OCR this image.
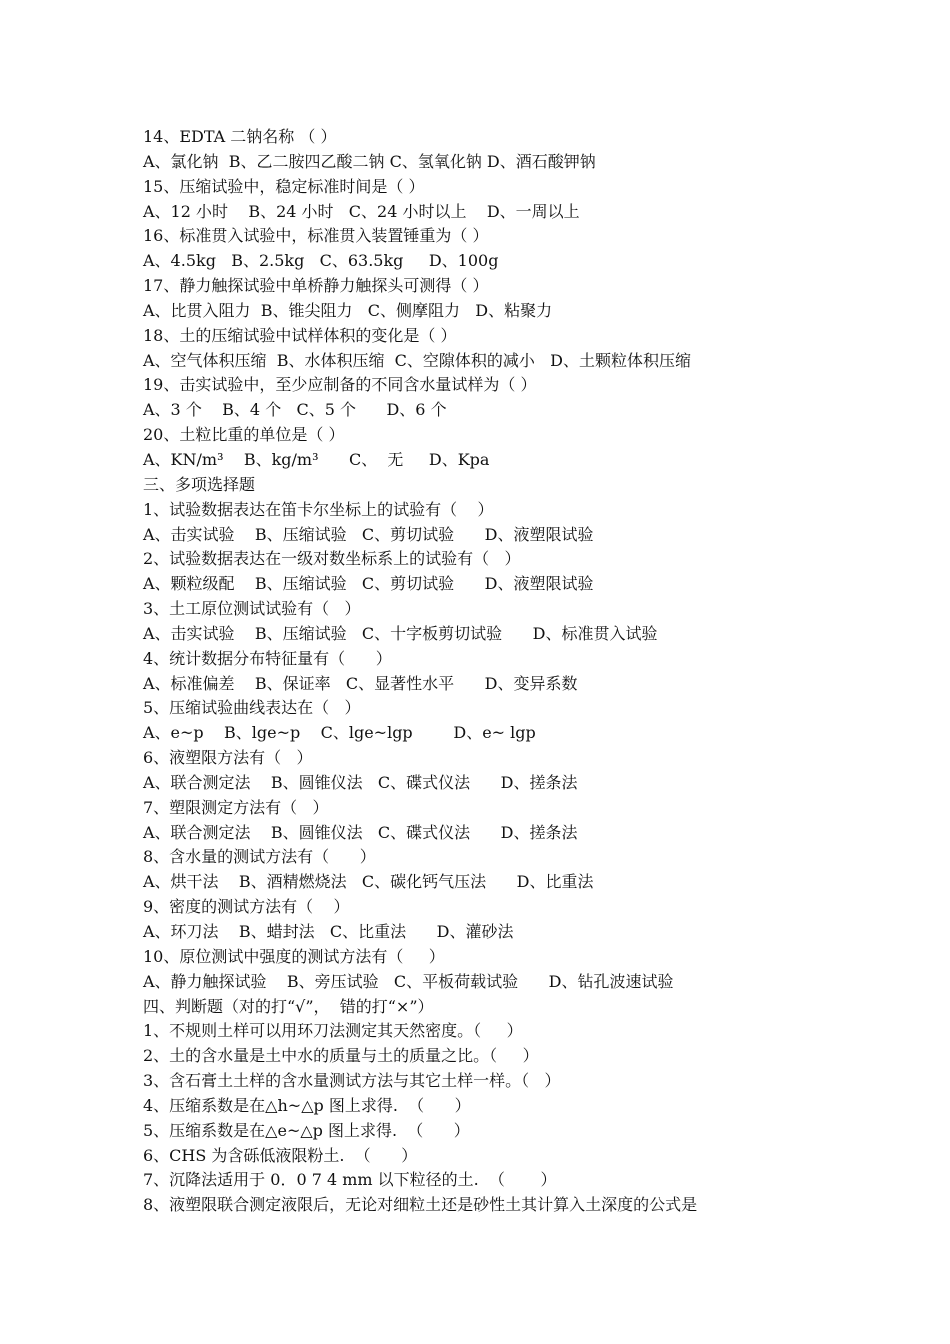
14、EDTA 二钠名称 （ ）
A、氯化钠  B、乙二胺四乙酸二钠 C、氢氧化钠 D、酒石酸钾钠
15、压缩试验中，稳定标准时间是（ ）
A、12 小时    B、24 小时   C、24 小时以上    D、一周以上
16、标准贯入试验中，标准贯入装置锤重为（ ）
A、4.5kg   B、2.5kg   C、63.5kg     D、100g
17、静力触探试验中单桥静力触探头可测得（ ）
A、比贯入阻力  B、锥尖阻力   C、侧摩阻力   D、粘聚力
18、土的压缩试验中试样体积的变化是（ ）
A、空气体积压缩  B、水体积压缩  C、空隙体积的减小   D、土颗粒体积压缩
19、击实试验中，至少应制备的不同含水量试样为（ ）
A、3 个    B、4 个   C、5 个      D、6 个
20、土粒比重的单位是（ ）
A、KN/m³    B、kg/m³      C、  无     D、Kpa
三、多项选择题
1、试验数据表达在笛卡尔坐标上的试验有（    ）
A、击实试验    B、压缩试验   C、剪切试验      D、液塑限试验
2、试验数据表达在一级对数坐标系上的试验有（   ）
A、颗粒级配    B、压缩试验   C、剪切试验      D、液塑限试验
3、土工原位测试试验有（   ）
A、击实试验    B、压缩试验   C、十字板剪切试验      D、标准贯入试验
4、统计数据分布特征量有（      ）
A、标准偏差    B、保证率   C、显著性水平      D、变异系数
5、压缩试验曲线表达在（   ）
A、e~p    B、lge~p    C、lge~lgp        D、e~ lgp
6、液塑限方法有（   ）
A、联合测定法    B、圆锥仪法   C、碟式仪法      D、搓条法
7、塑限测定方法有（   ）
A、联合测定法    B、圆锥仪法   C、碟式仪法      D、搓条法
8、含水量的测试方法有（      ）
A、烘干法    B、酒精燃烧法   C、碳化钙气压法      D、比重法
9、密度的测试方法有（    ）
A、环刀法    B、蜡封法   C、比重法      D、灌砂法
10、原位测试中强度的测试方法有（     ）
A、静力触探试验    B、旁压试验   C、平板荷载试验      D、钻孔波速试验
四、判断题（对的打“√”，  错的打“×”）
1、不规则土样可以用环刀法测定其天然密度。（     ）
2、土的含水量是土中水的质量与土的质量之比。（     ）
3、含石膏土土样的含水量测试方法与其它土样一样。（   ）
4、压缩系数是在△h~△p 图上求得.  （      ）
5、压缩系数是在△e~△p 图上求得.  （      ）
6、CHS 为含砾低液限粉土.  （      ）
7、沉降法适用于 0．0 7 4 mm 以下粒径的土.  （       ）
8、液塑限联合测定液限后，无论对细粒土还是砂性土其计算入土深度的公式是
